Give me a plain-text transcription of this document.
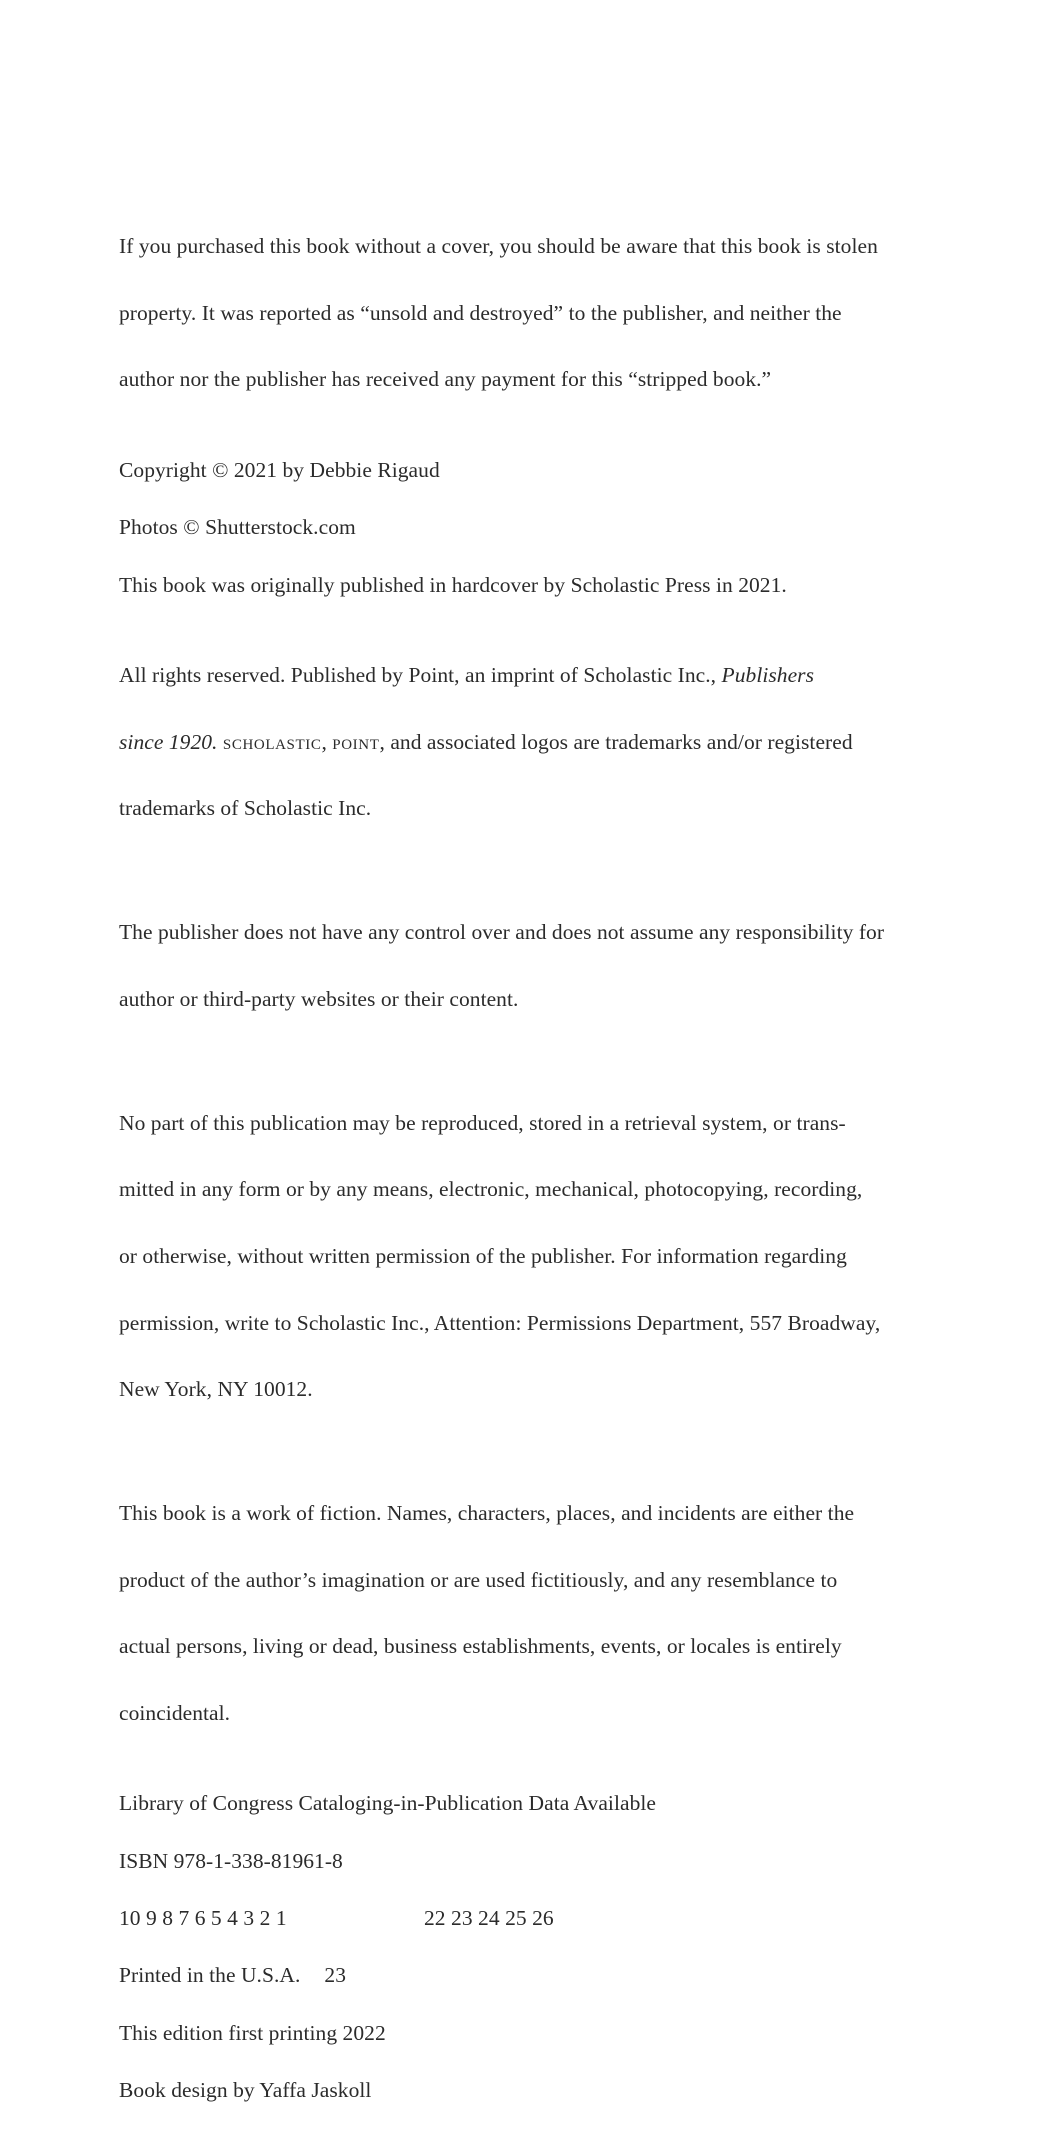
If you purchased this book without a cover, you should be aware that this book is stolen

property. It was reported as “unsold and destroyed” to the publisher, and neither the

author nor the publisher has received any payment for this “stripped book.”

Copyright © 2021 by Debbie Rigaud
Photos © Shutterstock.com
This book was originally published in hardcover by Scholastic Press in 2021.

All rights reserved. Published by Point, an imprint of Scholastic Inc., Publishers

since 1920. scholastic, point, and associated logos are trademarks and/or registered

trademarks of Scholastic Inc.

The publisher does not have any control over and does not assume any responsibility for

author or third-party websites or their content.

No part of this publication may be reproduced, stored in a retrieval system, or trans-

mitted in any form or by any means, electronic, mechanical, photocopying, recording,

or otherwise, without written permission of the publisher. For information regarding

permission, write to Scholastic Inc., Attention: Permissions Department, 557 Broadway,

New York, NY 10012.

This book is a work of fiction. Names, characters, places, and incidents are either the

product of the author’s imagination or are used fictitiously, and any resemblance to

actual persons, living or dead, business establishments, events, or locales is entirely

coincidental.

Library of Congress Cataloging-in-Publication Data Available
ISBN 978-1-338-81961-8
10 9 8 7 6 5 4 3 2 1	22 23 24 25 26
Printed in the U.S.A. 23
This edition first printing 2022
Book design by Yaffa Jaskoll
